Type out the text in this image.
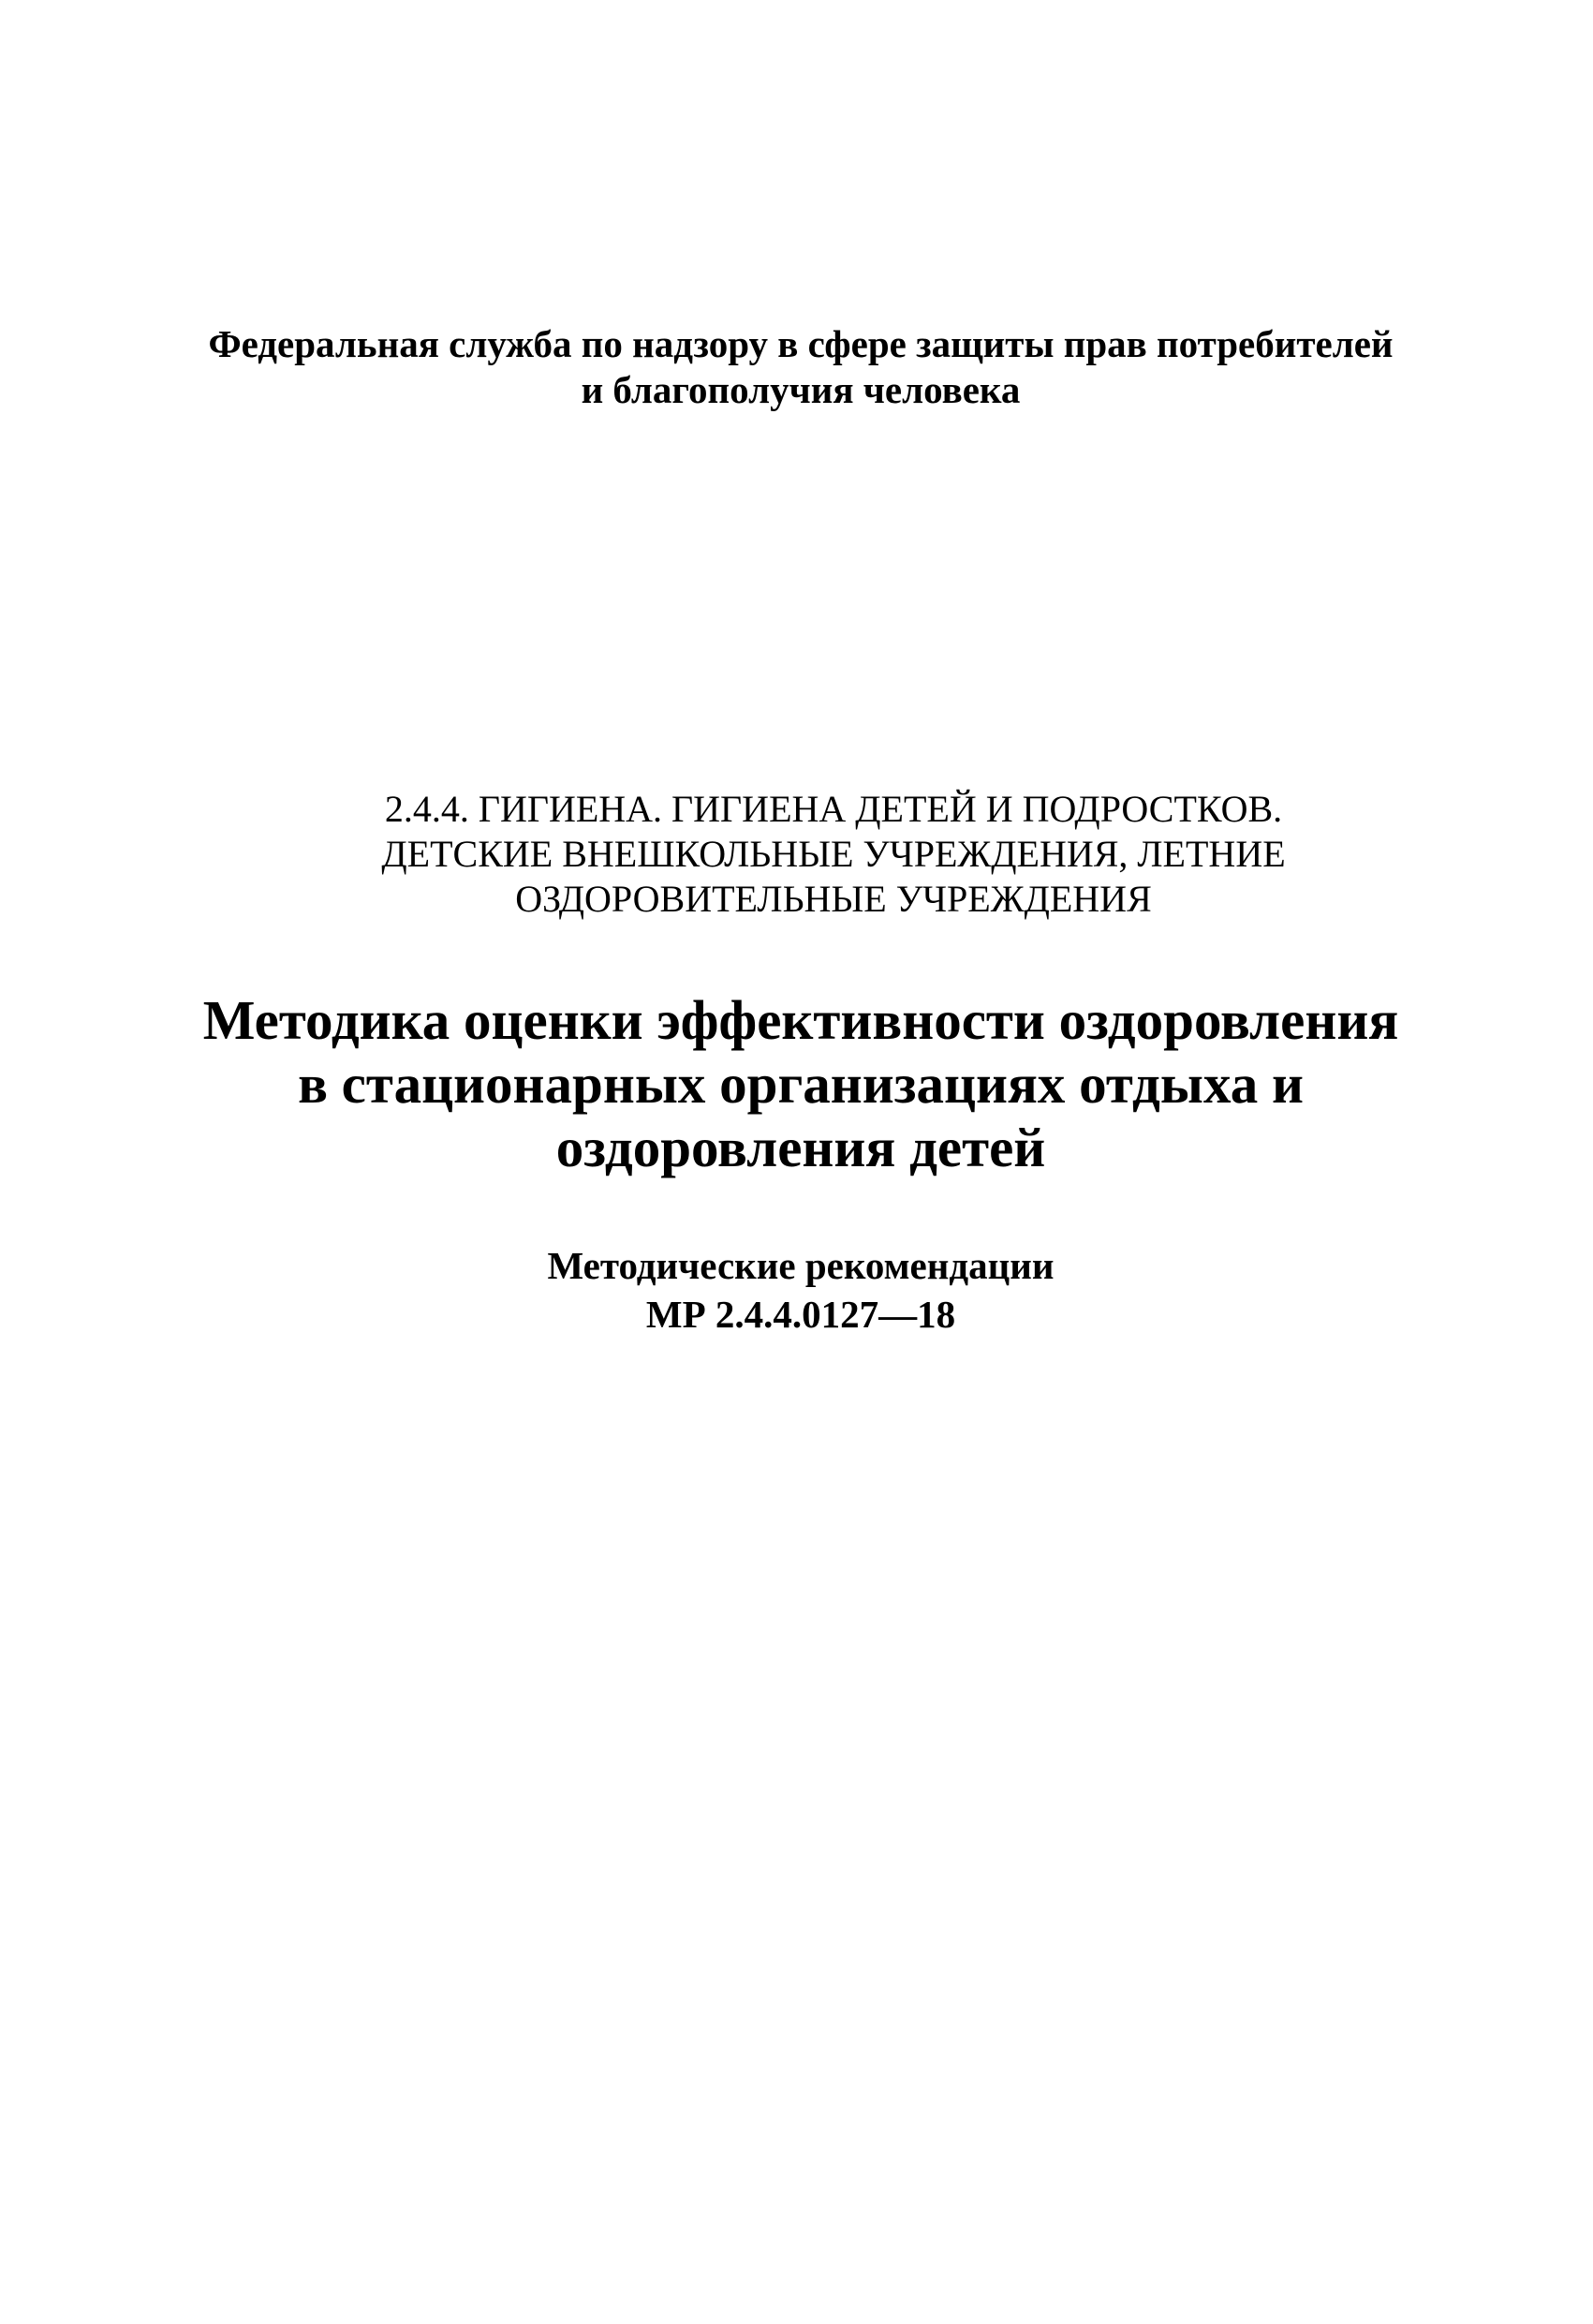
Федеральная служба по надзору в сфере защиты прав потребителей
и благополучия человека
2.4.4. ГИГИЕНА. ГИГИЕНА ДЕТЕЙ И ПОДРОСТКОВ.
ДЕТСКИЕ ВНЕШКОЛЬНЫЕ УЧРЕЖДЕНИЯ, ЛЕТНИЕ
ОЗДОРОВИТЕЛЬНЫЕ УЧРЕЖДЕНИЯ
Методика оценки эффективности оздоровления
в стационарных организациях отдыха и
оздоровления детей
Методические рекомендации
МР 2.4.4.0127—18
